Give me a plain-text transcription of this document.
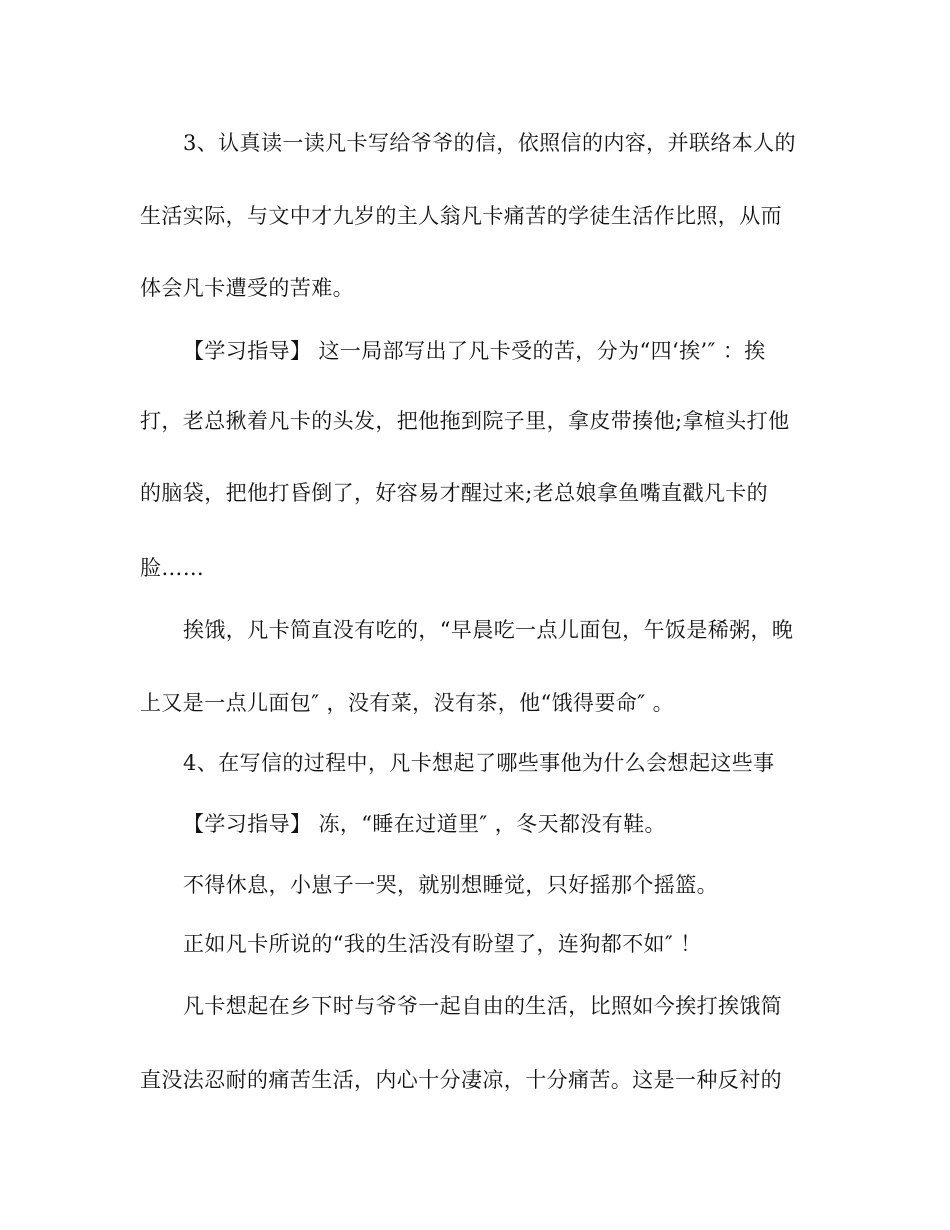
3、认真读一读凡卡写给爷爷的信，依照信的内容，并联络本人的
生活实际，与文中才九岁的主人翁凡卡痛苦的学徒生活作比照，从而
体会凡卡遭受的苦难。
【学习指导】 这一局部写出了凡卡受的苦，分为“四‘挨’″ ：挨
打，老总揪着凡卡的头发，把他拖到院子里，拿皮带揍他;拿楦头打他
的脑袋，把他打昏倒了，好容易才醒过来;老总娘拿鱼嘴直戳凡卡的
脸……
挨饿，凡卡简直没有吃的，“早晨吃一点儿面包，午饭是稀粥，晚
上又是一点儿面包″ ，没有菜，没有茶，他“饿得要命″ 。
4、在写信的过程中，凡卡想起了哪些事他为什么会想起这些事
【学习指导】 冻，“睡在过道里″ ，冬天都没有鞋。
不得休息，小崽子一哭，就别想睡觉，只好摇那个摇篮。
正如凡卡所说的“我的生活没有盼望了，连狗都不如″ ！
凡卡想起在乡下时与爷爷一起自由的生活，比照如今挨打挨饿简
直没法忍耐的痛苦生活，内心十分凄凉，十分痛苦。这是一种反衬的
